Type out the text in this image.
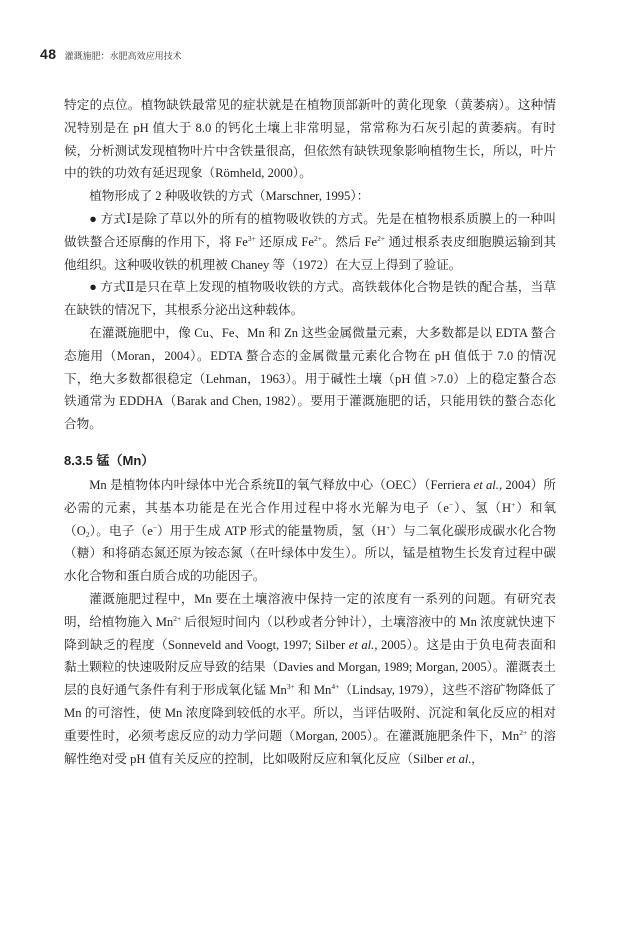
48 灌溉施肥：水肥高效应用技术

特定的点位。植物缺铁最常见的症状就是在植物顶部新叶的黄化现象（黄萎病）。这种情况特别是在 pH 值大于 8.0 的钙化土壤上非常明显，常常称为石灰引起的黄萎病。有时候，分析测试发现植物叶片中含铁量很高，但依然有缺铁现象影响植物生长，所以，叶片中的铁的功效有延迟现象（Römheld, 2000）。

植物形成了 2 种吸收铁的方式（Marschner, 1995）：

● 方式Ⅰ是除了草以外的所有的植物吸收铁的方式。先是在植物根系质膜上的一种叫做铁螯合还原酶的作用下，将 $Fe^{3+}$ 还原成 $Fe^{2+}$。然后 $Fe^{2+}$ 通过根系表皮细胞膜运输到其他组织。这种吸收铁的机理被 Chaney 等（1972）在大豆上得到了验证。

● 方式Ⅱ是只在草上发现的植物吸收铁的方式。高铁载体化合物是铁的配合基，当草在缺铁的情况下，其根系分泌出这种载体。

在灌溉施肥中，像 Cu、Fe、Mn 和 Zn 这些金属微量元素，大多数都是以 EDTA 螯合态施用（Moran，2004）。EDTA 螯合态的金属微量元素化合物在 pH 值低于 7.0 的情况下，绝大多数都很稳定（Lehman，1963）。用于碱性土壤（pH 值 >7.0）上的稳定螯合态铁通常为 EDDHA（Barak and Chen, 1982）。要用于灌溉施肥的话，只能用铁的螯合态化合物。

8.3.5 锰（Mn）

Mn 是植物体内叶绿体中光合系统Ⅱ的氧气释放中心（OEC）（Ferriera et al., 2004）所必需的元素，其基本功能是在光合作用过程中将水光解为电子（e−）、氢（H+）和氧$(O_2)$。电子（e−）用于生成 ATP 形式的能量物质，氢（H+）与二氧化碳形成碳水化合物（糖）和将硝态氮还原为铵态氮（在叶绿体中发生）。所以，锰是植物生长发育过程中碳水化合物和蛋白质合成的功能因子。

灌溉施肥过程中，Mn 要在土壤溶液中保持一定的浓度有一系列的问题。有研究表明，给植物施入 $Mn^{2+}$ 后很短时间内（以秒或者分钟计），土壤溶液中的 Mn 浓度就快速下降到缺乏的程度（Sonneveld and Voogt, 1997; Silber et al., 2005）。这是由于负电荷表面和黏土颗粒的快速吸附反应导致的结果（Davies and Morgan, 1989; Morgan, 2005）。灌溉表土层的良好通气条件有利于形成氧化锰 $Mn^{3+}$ 和 $Mn^{4+}(Lindsay$, 1979），这些不溶矿物降低了 Mn 的可溶性，使 Mn 浓度降到较低的水平。所以，当评估吸附、沉淀和氧化反应的相对重要性时，必须考虑反应的动力学问题（Morgan, 2005）。在灌溉施肥条件下，$Mn^{2+}$ 的溶解性绝对受 pH 值有关反应的控制，比如吸附反应和氧化反应（Silber et al.,
